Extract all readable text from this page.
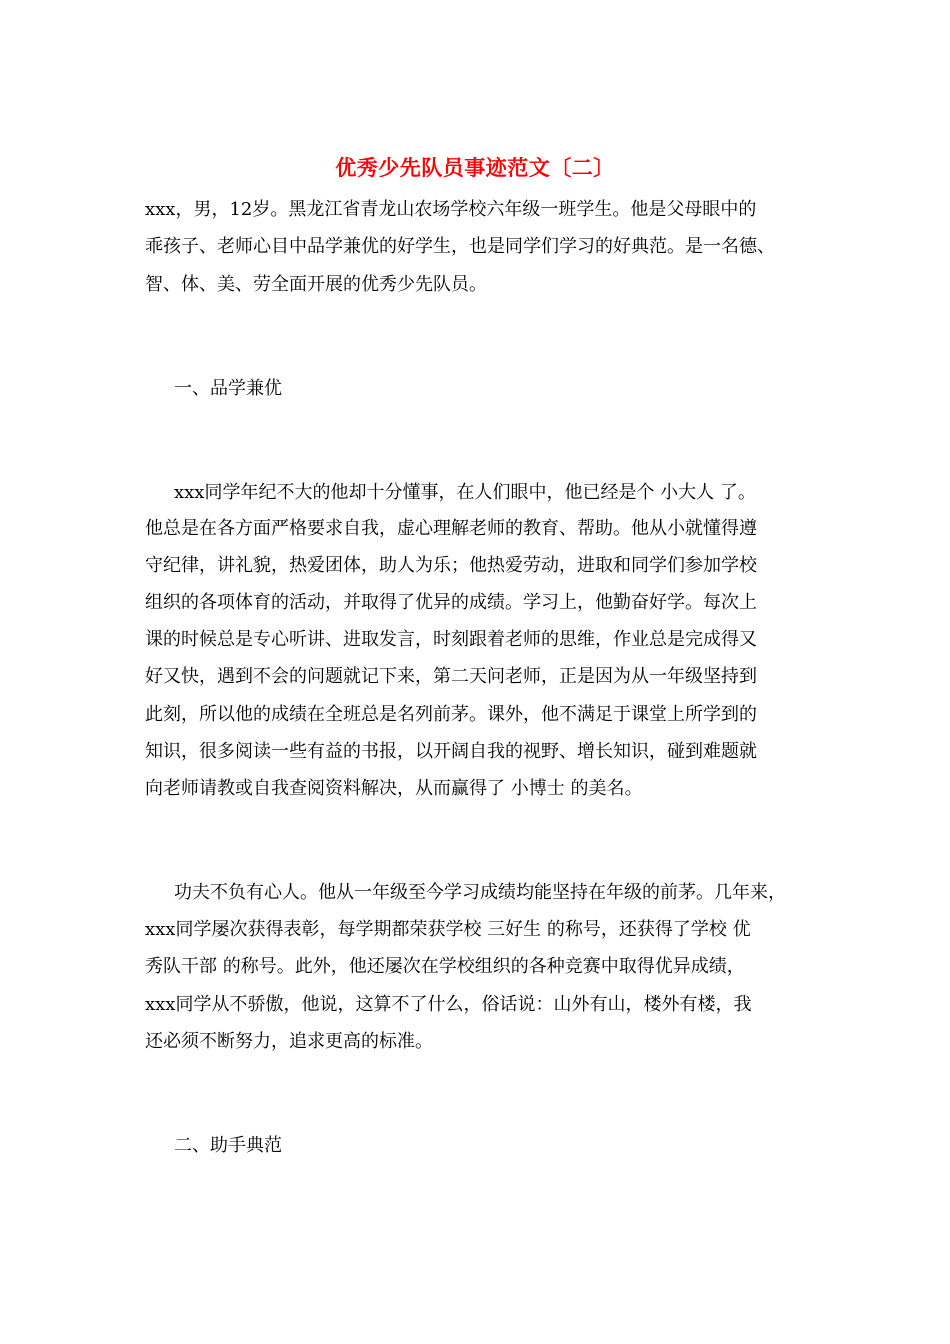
优秀少先队员事迹范文〔二〕

xxx，男，12岁。黑龙江省青龙山农场学校六年级一班学生。他是父母眼中的

乖孩子、老师心目中品学兼优的好学生，也是同学们学习的好典范。是一名德、

智、体、美、劳全面开展的优秀少先队员。

一、品学兼优

xxx同学年纪不大的他却十分懂事，在人们眼中，他已经是个 小大人 了。

他总是在各方面严格要求自我，虚心理解老师的教育、帮助。他从小就懂得遵

守纪律，讲礼貌，热爱团体，助人为乐；他热爱劳动，进取和同学们参加学校

组织的各项体育的活动，并取得了优异的成绩。学习上，他勤奋好学。每次上

课的时候总是专心听讲、进取发言，时刻跟着老师的思维，作业总是完成得又

好又快，遇到不会的问题就记下来，第二天问老师，正是因为从一年级坚持到

此刻，所以他的成绩在全班总是名列前茅。课外，他不满足于课堂上所学到的

知识，很多阅读一些有益的书报，以开阔自我的视野、增长知识，碰到难题就

向老师请教或自我查阅资料解决，从而赢得了 小博士 的美名。

功夫不负有心人。他从一年级至今学习成绩均能坚持在年级的前茅。几年来，

xxx同学屡次获得表彰，每学期都荣获学校 三好生 的称号，还获得了学校 优

秀队干部 的称号。此外，他还屡次在学校组织的各种竞赛中取得优异成绩，

xxx同学从不骄傲，他说，这算不了什么，俗话说：山外有山，楼外有楼，我

还必须不断努力，追求更高的标准。

二、助手典范
